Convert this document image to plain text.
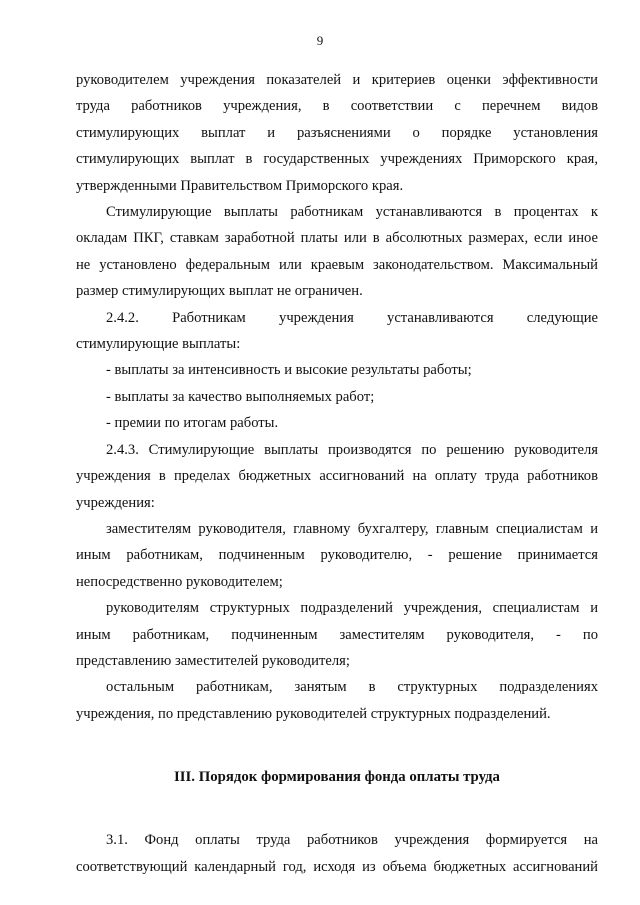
9
руководителем учреждения показателей и критериев оценки эффективности
труда работников учреждения, в соответствии с перечнем видов
стимулирующих выплат и разъяснениями о порядке установления
стимулирующих выплат в государственных учреждениях Приморского края,
утвержденными Правительством Приморского края.
Стимулирующие выплаты работникам устанавливаются в процентах к
окладам ПКГ, ставкам заработной платы или в абсолютных размерах, если иное
не установлено федеральным или краевым законодательством. Максимальный
размер стимулирующих выплат не ограничен.
2.4.2. Работникам учреждения устанавливаются следующие
стимулирующие выплаты:
- выплаты за интенсивность и высокие результаты работы;
- выплаты за качество выполняемых работ;
- премии по итогам работы.
2.4.3. Стимулирующие выплаты производятся по решению руководителя
учреждения в пределах бюджетных ассигнований на оплату труда работников
учреждения:
заместителям руководителя, главному бухгалтеру, главным специалистам и
иным работникам, подчиненным руководителю, - решение принимается
непосредственно руководителем;
руководителям структурных подразделений учреждения, специалистам и
иным работникам, подчиненным заместителям руководителя, - по
представлению заместителей руководителя;
остальным работникам, занятым в структурных подразделениях
учреждения, по представлению руководителей структурных подразделений.
III. Порядок формирования фонда оплаты труда
3.1. Фонд оплаты труда работников учреждения формируется на
соответствующий календарный год, исходя из объема бюджетных ассигнований
